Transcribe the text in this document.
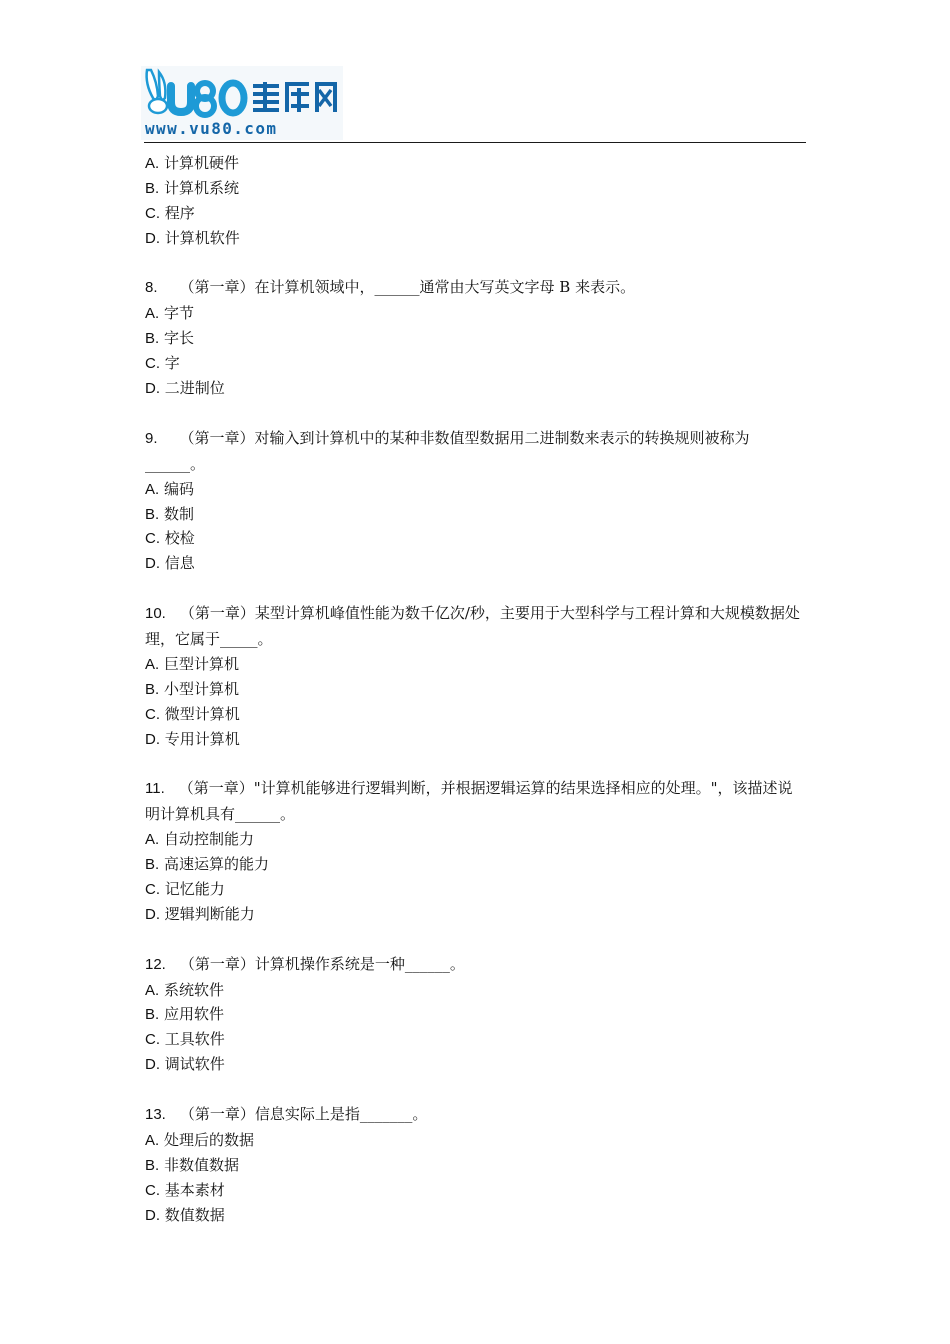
www.vu80.com

A. 计算机硬件

B. 计算机系统

C. 程序

D. 计算机软件

8. （第一章）在计算机领域中，______通常由大写英文字母 B 来表示。

A. 字节

B. 字长

C. 字

D. 二进制位

9. （第一章）对输入到计算机中的某种非数值型数据用二进制数来表示的转换规则被称为______。

A. 编码

B. 数制

C. 校检

D. 信息

10. （第一章）某型计算机峰值性能为数千亿次/秒，主要用于大型科学与工程计算和大规模数据处理，它属于_____。

A. 巨型计算机

B. 小型计算机

C. 微型计算机

D. 专用计算机

11. （第一章）"计算机能够进行逻辑判断，并根据逻辑运算的结果选择相应的处理。"，该描述说明计算机具有______。

A. 自动控制能力

B. 高速运算的能力

C. 记忆能力

D. 逻辑判断能力

12. （第一章）计算机操作系统是一种______。

A. 系统软件

B. 应用软件

C. 工具软件

D. 调试软件

13. （第一章）信息实际上是指_______。

A. 处理后的数据

B. 非数值数据

C. 基本素材

D. 数值数据
